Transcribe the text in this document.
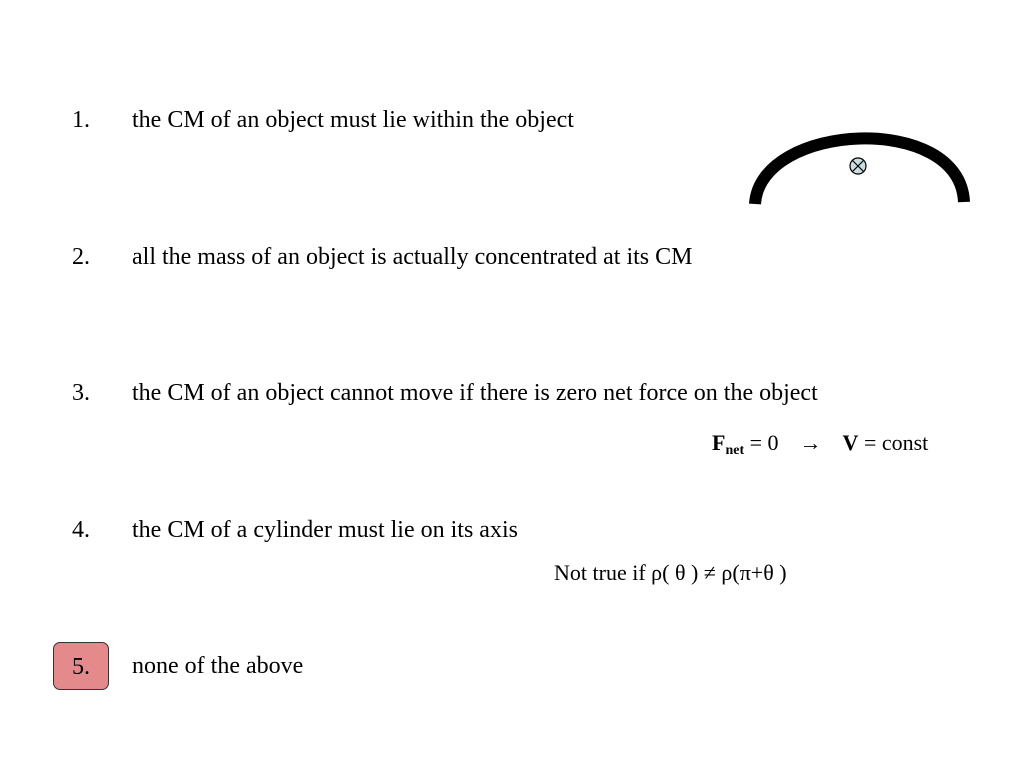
1.	the CM of an object must lie within the object
2.	all the mass of an object is actually concentrated at its CM
3.	the CM of an object cannot move if there is zero net force on the object
4.	the CM of a cylinder must lie on its axis
5.	none of the above
$F_{net} = 0 \to V$ = const
Not true if ρ( θ ) ≠ ρ(π+θ )
